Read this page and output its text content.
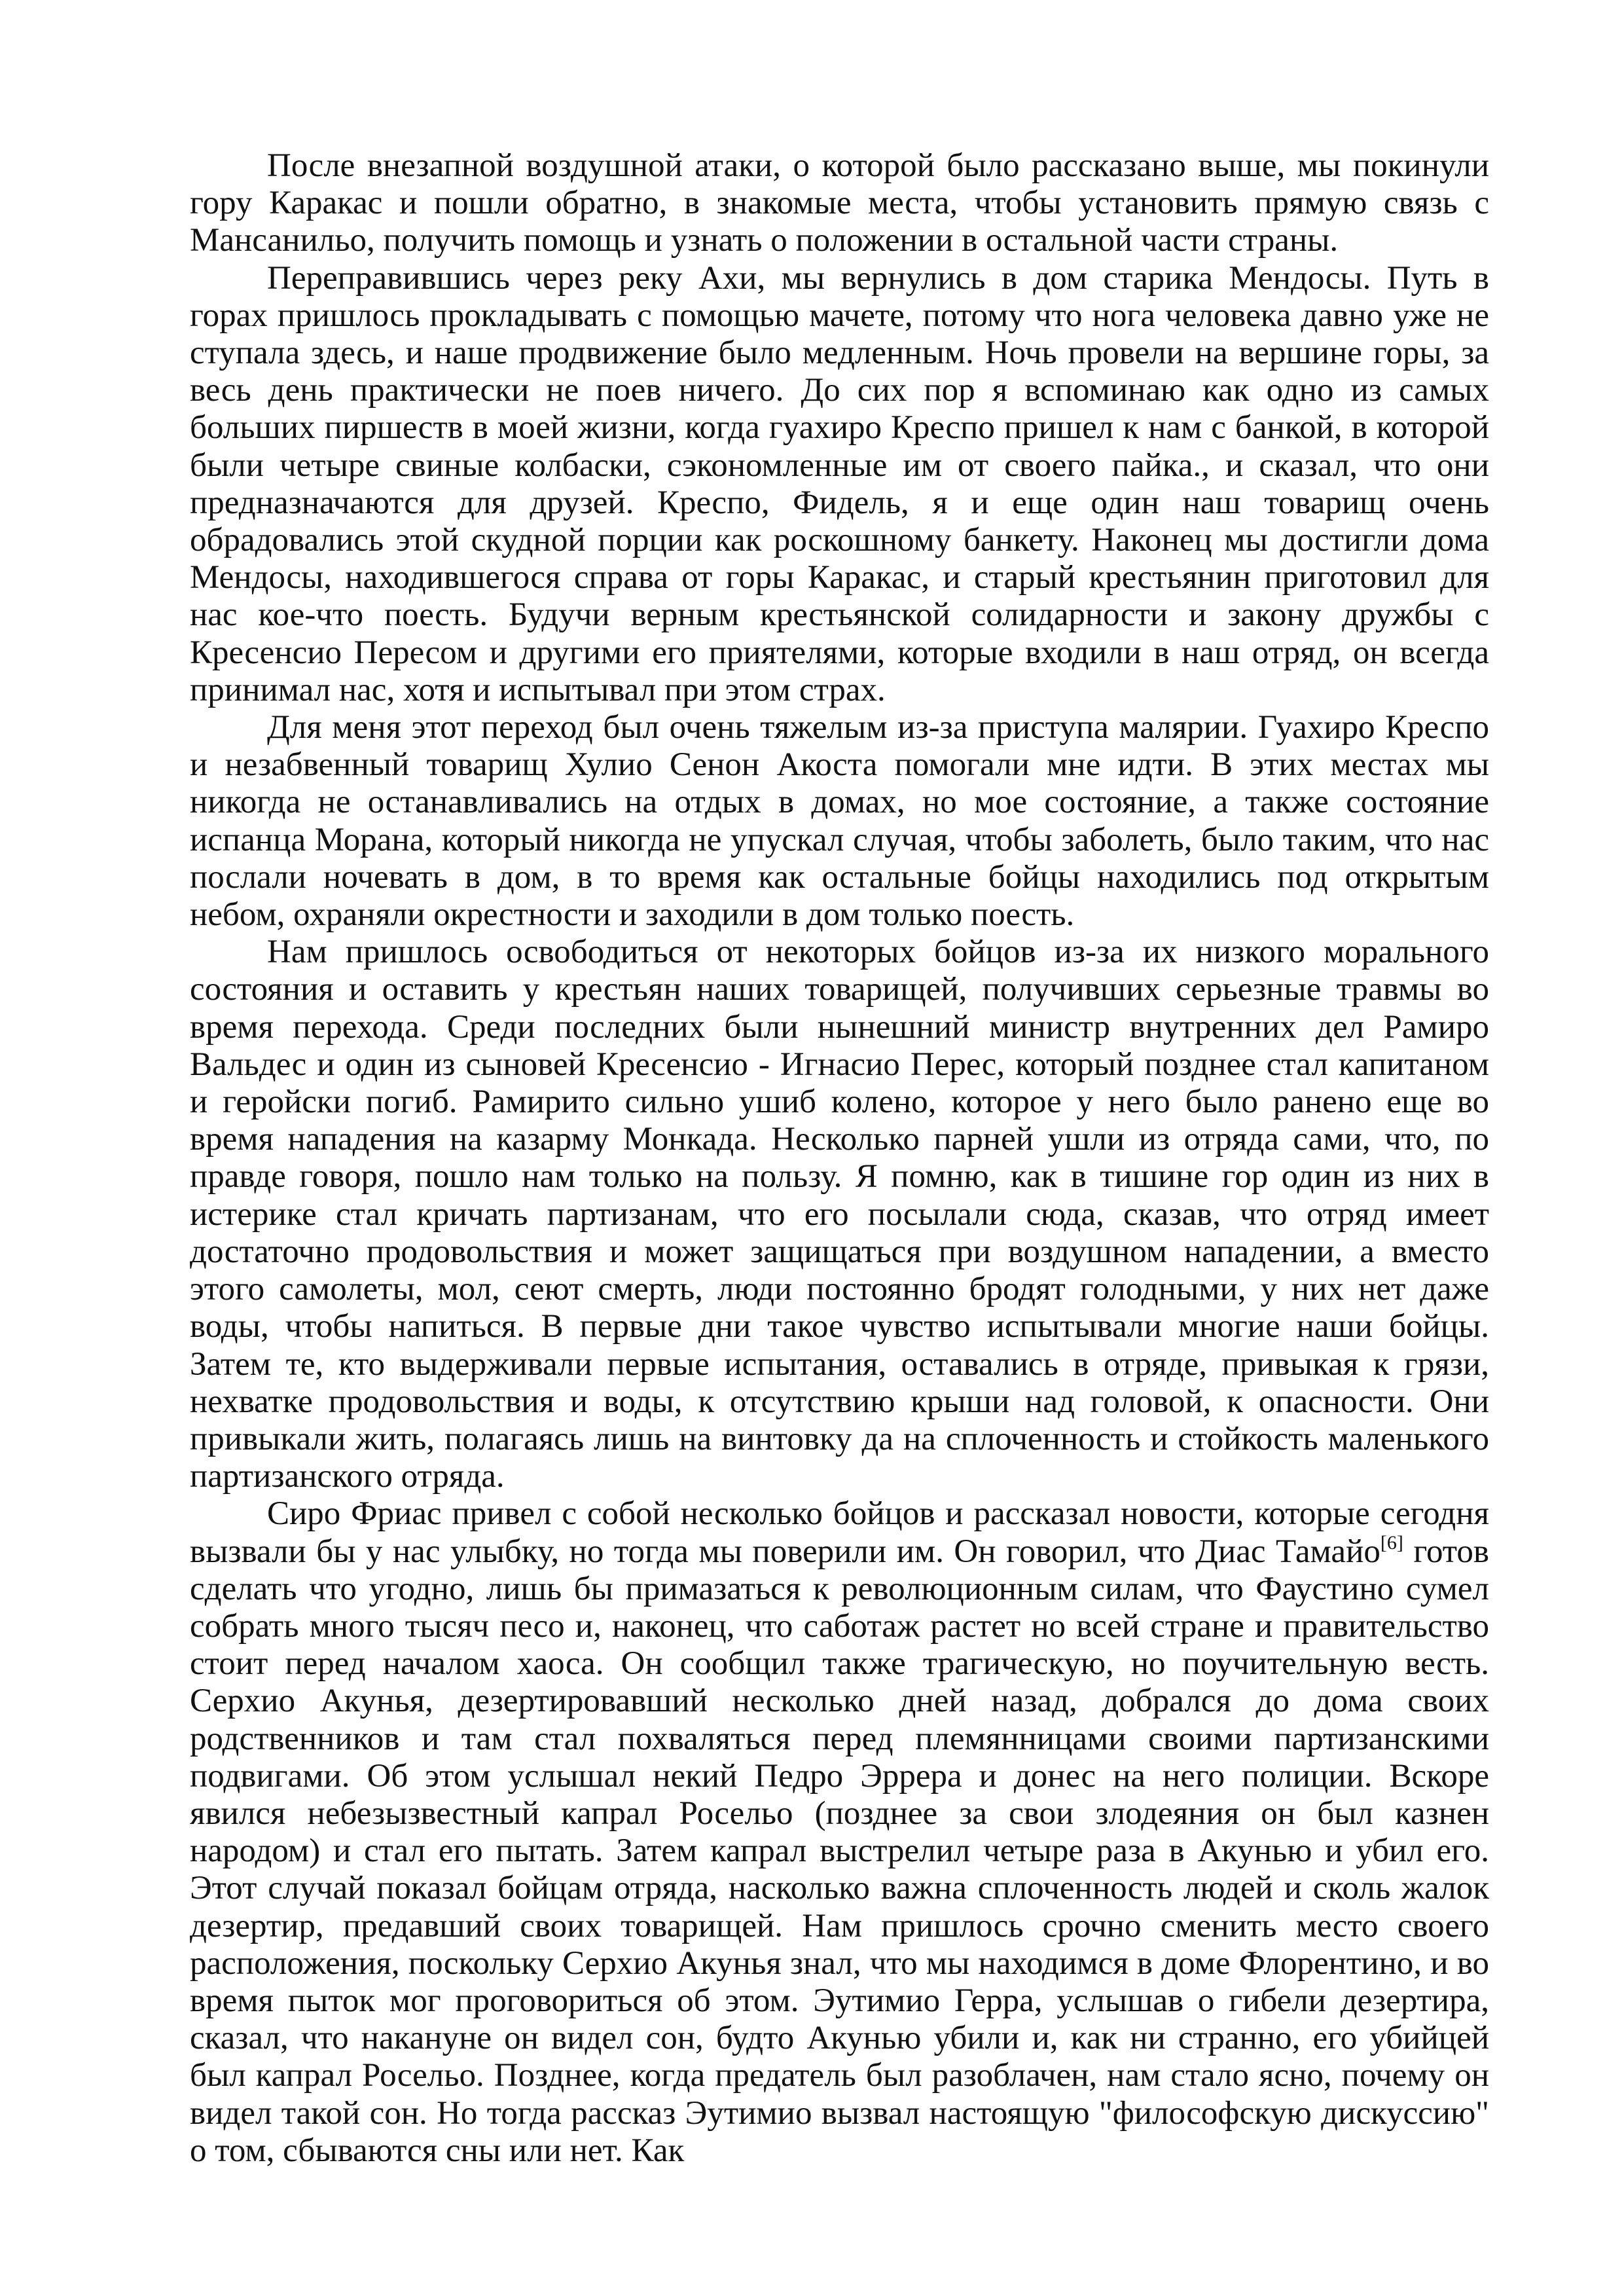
После внезапной воздушной атаки, о которой было рассказано выше, мы покинули гору Каракас и пошли обратно, в знакомые места, чтобы установить прямую связь с Мансанильо, получить помощь и узнать о положении в остальной части страны.

Переправившись через реку Ахи, мы вернулись в дом старика Мендосы. Путь в горах пришлось прокладывать с помощью мачете, потому что нога человека давно уже не ступала здесь, и наше продвижение было медленным. Ночь провели на вершине горы, за весь день практически не поев ничего. До сих пор я вспоминаю как одно из самых больших пиршеств в моей жизни, когда гуахиро Креспо пришел к нам с банкой, в которой были четыре свиные колбаски, сэкономленные им от своего пайка., и сказал, что они предназначаются для друзей. Креспо, Фидель, я и еще один наш товарищ очень обрадовались этой скудной порции как роскошному банкету. Наконец мы достигли дома Мендосы, находившегося справа от горы Каракас, и старый крестьянин приготовил для нас кое-что поесть. Будучи верным крестьянской солидарности и закону дружбы с Кресенсио Пересом и другими его приятелями, которые входили в наш отряд, он всегда принимал нас, хотя и испытывал при этом страх.

Для меня этот переход был очень тяжелым из-за приступа малярии. Гуахиро Креспо и незабвенный товарищ Хулио Сенон Акоста помогали мне идти. В этих местах мы никогда не останавливались на отдых в домах, но мое состояние, а также состояние испанца Морана, который никогда не упускал случая, чтобы заболеть, было таким, что нас послали ночевать в дом, в то время как остальные бойцы находились под открытым небом, охраняли окрестности и заходили в дом только поесть.

Нам пришлось освободиться от некоторых бойцов из-за их низкого морального состояния и оставить у крестьян наших товарищей, получивших серьезные травмы во время перехода. Среди последних были нынешний министр внутренних дел Рамиро Вальдес и один из сыновей Кресенсио - Игнасио Перес, который позднее стал капитаном и геройски погиб. Рамирито сильно ушиб колено, которое у него было ранено еще во время нападения на казарму Монкада. Несколько парней ушли из отряда сами, что, по правде говоря, пошло нам только на пользу. Я помню, как в тишине гор один из них в истерике стал кричать партизанам, что его посылали сюда, сказав, что отряд имеет достаточно продовольствия и может защищаться при воздушном нападении, а вместо этого самолеты, мол, сеют смерть, люди постоянно бродят голодными, у них нет даже воды, чтобы напиться. В первые дни такое чувство испытывали многие наши бойцы. Затем те, кто выдерживали первые испытания, оставались в отряде, привыкая к грязи, нехватке продовольствия и воды, к отсутствию крыши над головой, к опасности. Они привыкали жить, полагаясь лишь на винтовку да на сплоченность и стойкость маленького партизанского отряда.

Сиро Фриас привел с собой несколько бойцов и рассказал новости, которые сегодня вызвали бы у нас улыбку, но тогда мы поверили им. Он говорил, что Диас Тамайо[6] готов сделать что угодно, лишь бы примазаться к революционным силам, что Фаустино сумел собрать много тысяч песо и, наконец, что саботаж растет но всей стране и правительство стоит перед началом хаоса. Он сообщил также трагическую, но поучительную весть. Серхио Акунья, дезертировавший несколько дней назад, добрался до дома своих родственников и там стал похваляться перед племянницами своими партизанскими подвигами. Об этом услышал некий Педро Эррера и донес на него полиции. Вскоре явился небезызвестный капрал Росельо (позднее за свои злодеяния он был казнен народом) и стал его пытать. Затем капрал выстрелил четыре раза в Акунью и убил его. Этот случай показал бойцам отряда, насколько важна сплоченность людей и сколь жалок дезертир, предавший своих товарищей. Нам пришлось срочно сменить место своего расположения, поскольку Серхио Акунья знал, что мы находимся в доме Флорентино, и во время пыток мог проговориться об этом. Эутимио Герра, услышав о гибели дезертира, сказал, что накануне он видел сон, будто Акунью убили и, как ни странно, его убийцей был капрал Росельо. Позднее, когда предатель был разоблачен, нам стало ясно, почему он видел такой сон. Но тогда рассказ Эутимио вызвал настоящую "философскую дискуссию" о том, сбываются сны или нет. Как
